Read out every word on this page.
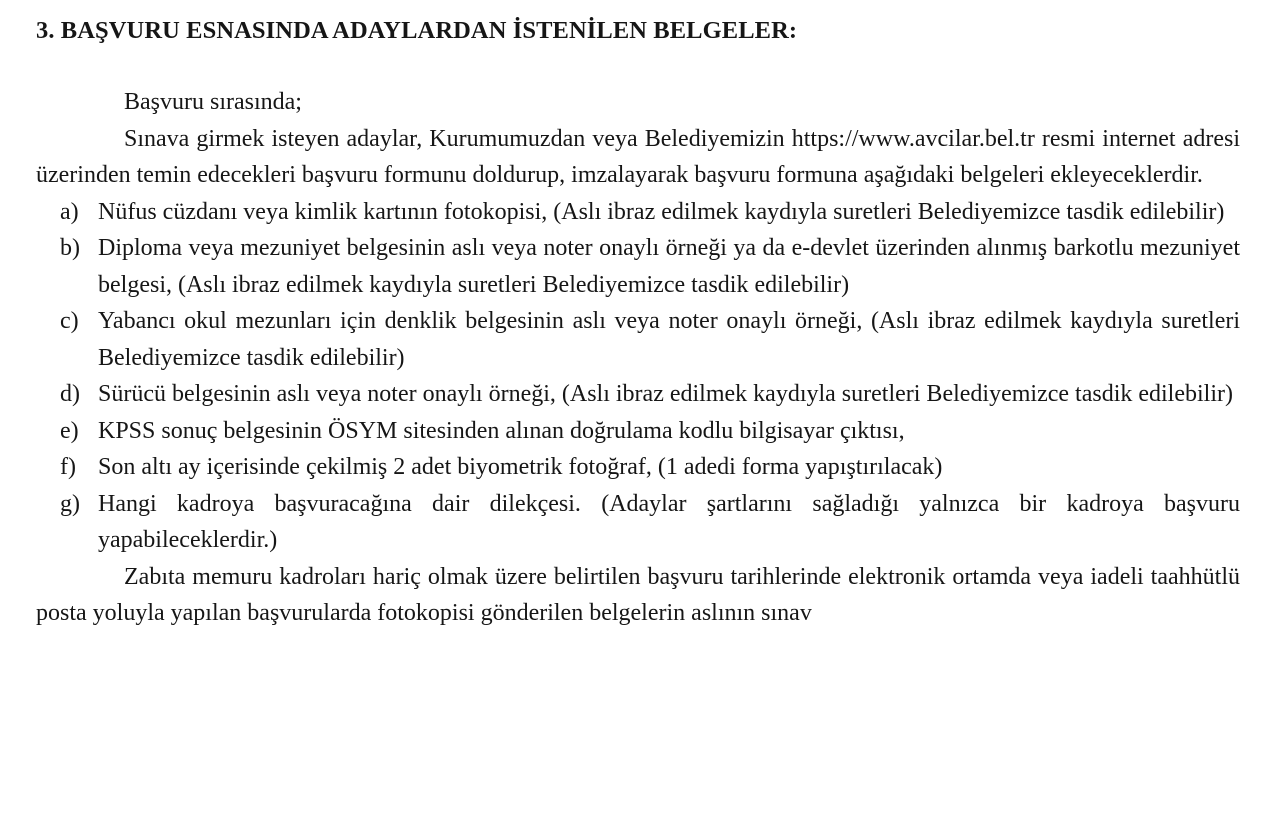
3. BAŞVURU ESNASINDA ADAYLARDAN İSTENİLEN BELGELER:

Başvuru sırasında;

Sınava girmek isteyen adaylar, Kurumumuzdan veya Belediyemizin https://www.avcilar.bel.tr resmi internet adresi üzerinden temin edecekleri başvuru formunu doldurup, imzalayarak başvuru formuna aşağıdaki belgeleri ekleyeceklerdir.

a) Nüfus cüzdanı veya kimlik kartının fotokopisi, (Aslı ibraz edilmek kaydıyla suretleri Belediyemizce tasdik edilebilir)
b) Diploma veya mezuniyet belgesinin aslı veya noter onaylı örneği ya da e-devlet üzerinden alınmış barkotlu mezuniyet belgesi, (Aslı ibraz edilmek kaydıyla suretleri Belediyemizce tasdik edilebilir)
c) Yabancı okul mezunları için denklik belgesinin aslı veya noter onaylı örneği, (Aslı ibraz edilmek kaydıyla suretleri Belediyemizce tasdik edilebilir)
d) Sürücü belgesinin aslı veya noter onaylı örneği, (Aslı ibraz edilmek kaydıyla suretleri Belediyemizce tasdik edilebilir)
e) KPSS sonuç belgesinin ÖSYM sitesinden alınan doğrulama kodlu bilgisayar çıktısı,
f) Son altı ay içerisinde çekilmiş 2 adet biyometrik fotoğraf, (1 adedi forma yapıştırılacak)
g) Hangi kadroya başvuracağına dair dilekçesi. (Adaylar şartlarını sağladığı yalnızca bir kadroya başvuru yapabileceklerdir.)

Zabıta memuru kadroları hariç olmak üzere belirtilen başvuru tarihlerinde elektronik ortamda veya iadeli taahhütlü posta yoluyla yapılan başvurularda fotokopisi gönderilen belgelerin aslının sınav
